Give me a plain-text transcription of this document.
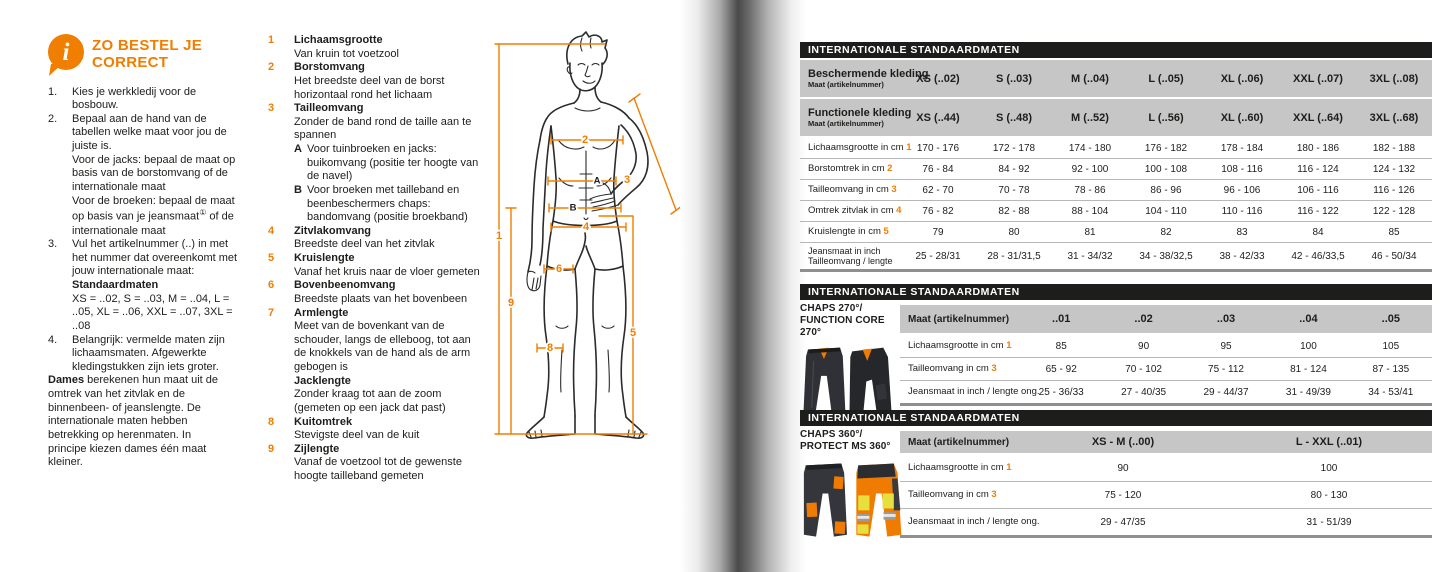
i	ZO BESTEL JE
CORRECT
1.	Kies je werkkledij voor de bosbouw.

2.	Bepaal aan de hand van de tabellen welke maat voor jou de juiste is.

Voor de jacks: bepaal de maat op basis van de borstomvang of de internationale maat

Voor de broeken: bepaal de maat op basis van je jeansmaat① of de internationale maat

3.	Vul het artikelnummer (..) in met het nummer dat overeenkomt met jouw internationale maat:

Standaardmaten

XS = ..02, S = ..03, M = ..04, L = ..05, XL = ..06, XXL = ..07, 3XL = ..08

4.	Belangrijk: vermelde maten zijn lichaamsmaten. Afgewerkte kledingstukken zijn iets groter.

Dames berekenen hun maat uit de omtrek van het zitvlak en de binnenbeen- of jeanslengte. De internationale maten hebben betrekking op herenmaten. In principe kiezen dames één maat kleiner.
1	Lichaamsgrootte
Van kruin tot voetzool
2	Borstomvang
Het breedste deel van de borst horizontaal rond het lichaam
3	Tailleomvang
Zonder de band rond de taille aan te spannen
A Voor tuinbroeken en jacks: buikomvang (positie ter hoogte van de navel)
B Voor broeken met tailleband en beenbeschermers chaps: bandomvang (positie broekband)
4	Zitvlakomvang
Breedste deel van het zitvlak
5	Kruislengte
Vanaf het kruis naar de vloer gemeten
6	Bovenbeenomvang
Breedste plaats van het bovenbeen
7	Armlengte
Meet van de bovenkant van de schouder, langs de elleboog, tot aan de knokkels van de hand als de arm gebogen is
Jacklengte
Zonder kraag tot aan de zoom (gemeten op een jack dat past)
8	Kuitomtrek
Stevigste deel van de kuit
9	Zijlengte
Vanaf de voetzool tot de gewenste hoogte tailleband gemeten
1
2
A 3
B
4
5
6
8
9
INTERNATIONALE STANDAARDMATEN
Beschermende kleding
Maat (artikelnummer)	XS (..02)	S (..03)	M (..04)	L (..05)	XL (..06)	XXL (..07)	3XL (..08)
Functionele kleding
Maat (artikelnummer)	XS (..44)	S (..48)	M (..52)	L (..56)	XL (..60)	XXL (..64)	3XL (..68)
Lichaamsgrootte in cm 1 170 - 176	172 - 178	174 - 180	176 - 182	178 - 184	180 - 186	182 - 188
Borstomtrek in cm 2	76 - 84	84 - 92	92 - 100	100 - 108	108 - 116	116 - 124	124 - 132
Tailleomvang in cm 3	62 - 70	70 - 78	78 - 86	86 - 96	96 - 106	106 - 116	116 - 126
Omtrek zitvlak in cm 4	76 - 82	82 - 88	88 - 104	104 - 110	110 - 116	116 - 122	122 - 128
Kruislengte in cm 5	79	80	81	82	83	84	85
Jeansmaat in inch
Tailleomvang / lengte	25 - 28/31	28 - 31/31,5	31 - 34/32	34 - 38/32,5	38 - 42/33	42 - 46/33,5	46 - 50/34
INTERNATIONALE STANDAARDMATEN
CHAPS 270°/
FUNCTION CORE 270°
Maat (artikelnummer)	..01	..02	..03	..04	..05
Lichaamsgrootte in cm 1	85	90	95	100	105
Tailleomvang in cm 3	65 - 92	70 - 102	75 - 112	81 - 124	87 - 135
Jeansmaat in inch / lengte ong. 25 - 36/33	27 - 40/35	29 - 44/37	31 - 49/39	34 - 53/41
INTERNATIONALE STANDAARDMATEN
CHAPS 360°/
PROTECT MS 360°	Maat (artikelnummer)	XS - M (..00)	L - XXL (..01)
Lichaamsgrootte in cm 1	90	100
Tailleomvang in cm 3	75 - 120	80 - 130
Jeansmaat in inch / lengte ong.	29 - 47/35	31 - 51/39
